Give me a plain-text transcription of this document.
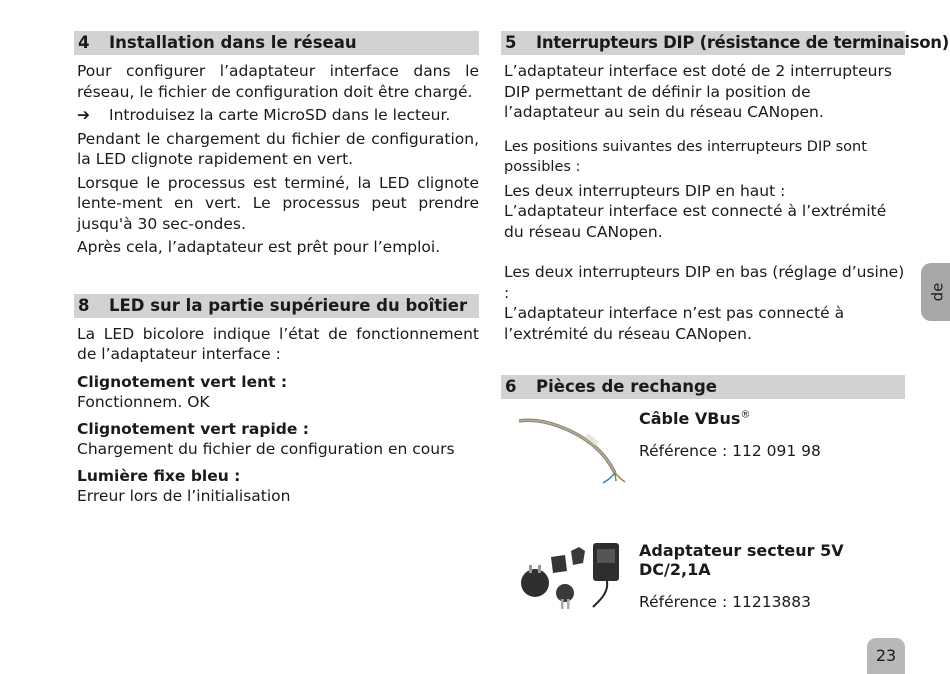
4 Installation dans le réseau

Pour configurer l’adaptateur interface dans le réseau, le fichier de configuration doit être chargé.

➔ Introduisez la carte MicroSD dans le lecteur.

Pendant le chargement du fichier de configuration, la LED clignote rapidement en vert.

Lorsque le processus est terminé, la LED clignote lente-ment en vert. Le processus peut prendre jusqu'à 30 sec-ondes.

Après cela, l’adaptateur est prêt pour l’emploi.

8 LED sur la partie supérieure du boîtier

La LED bicolore indique l’état de fonctionnement de l’adaptateur interface :

Clignotement vert lent :
Fonctionnem. OK
Clignotement vert rapide :
Chargement du fichier de configuration en cours
Lumière fixe bleu :
Erreur lors de l’initialisation
5 Interrupteurs DIP (résistance de terminaison)

L’adaptateur interface est doté de 2 interrupteurs DIP permettant de définir la position de l’adaptateur au sein du réseau CANopen.

Les positions suivantes des interrupteurs DIP sont possibles :

Les deux interrupteurs DIP en haut :

L’adaptateur interface est connecté à l’extrémité du réseau CANopen.

Les deux interrupteurs DIP en bas (réglage d’usine) :

L’adaptateur interface n’est pas connecté à l’extrémité du réseau CANopen.

6 Pièces de rechange
Câble VBus®
Référence : 112 091 98
Adaptateur secteur 5V DC/2,1A
Référence : 11213883
de
23
